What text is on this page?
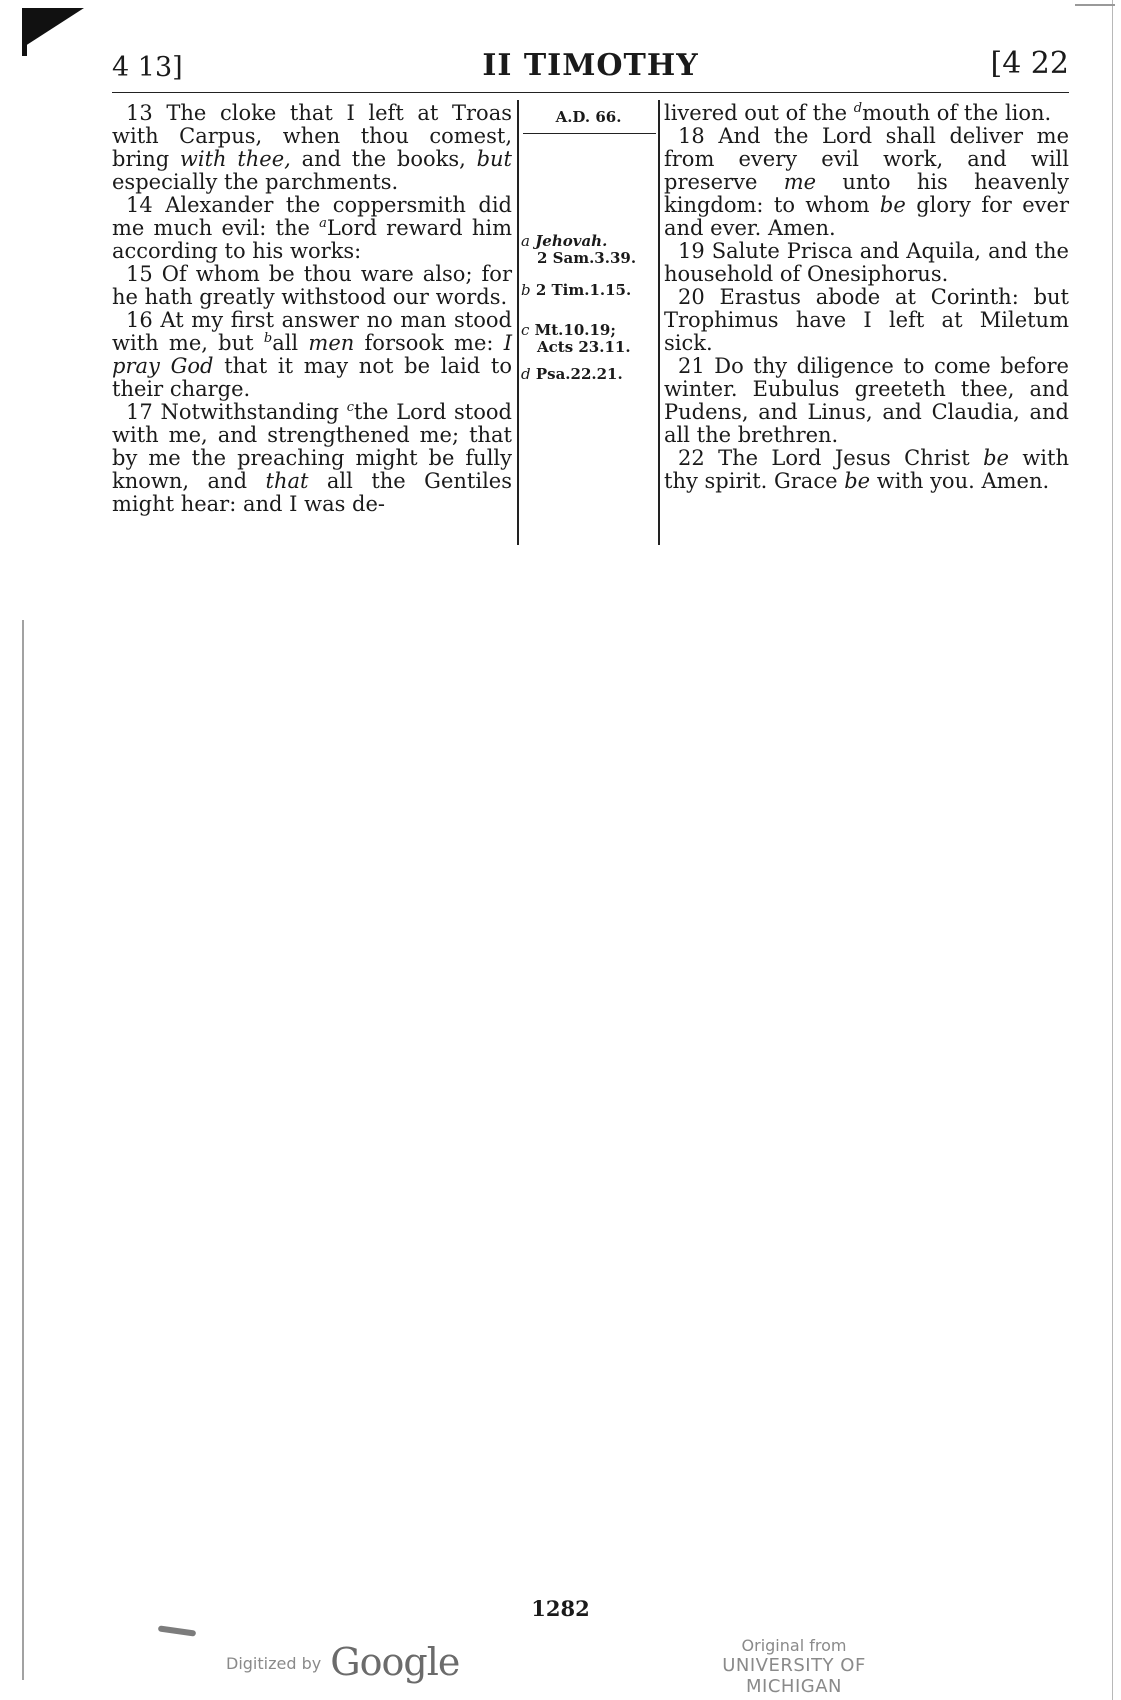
4 13]	II TIMOTHY	[4 22

13 The cloke that I left at Troas with Carpus, when thou comest, bring with thee, and the books, but especially the parchments.

14 Alexander the coppersmith did me much evil: the $^a$Lord reward him according to his works:

15 Of whom be thou ware also; for he hath greatly withstood our words.

16 At my first answer no man stood with me, but $^b$all men forsook me: I pray God that it may not be laid to their charge.

17 Notwithstanding $^c$the Lord stood with me, and strengthened me; that by me the preaching might be fully known, and that all the Gentiles might hear: and I was de-

A.D. 66.
a Jehovah.
2 Sam.3.39.
b 2 Tim.1.15.
c Mt.10.19;
Acts 23.11.
d Psa.22.21.

livered out of the $^d$mouth of the lion.

18 And the Lord shall deliver me from every evil work, and will preserve me unto his heavenly kingdom: to whom be glory for ever and ever. Amen.

19 Salute Prisca and Aquila, and the household of Onesiphorus.

20 Erastus abode at Corinth: but Trophimus have I left at Miletum sick.

21 Do thy diligence to come before winter. Eubulus greeteth thee, and Pudens, and Linus, and Claudia, and all the brethren.

22 The Lord Jesus Christ be with thy spirit. Grace be with you. Amen.

1282
Digitized by Google	Original from
UNIVERSITY OF MICHIGAN
